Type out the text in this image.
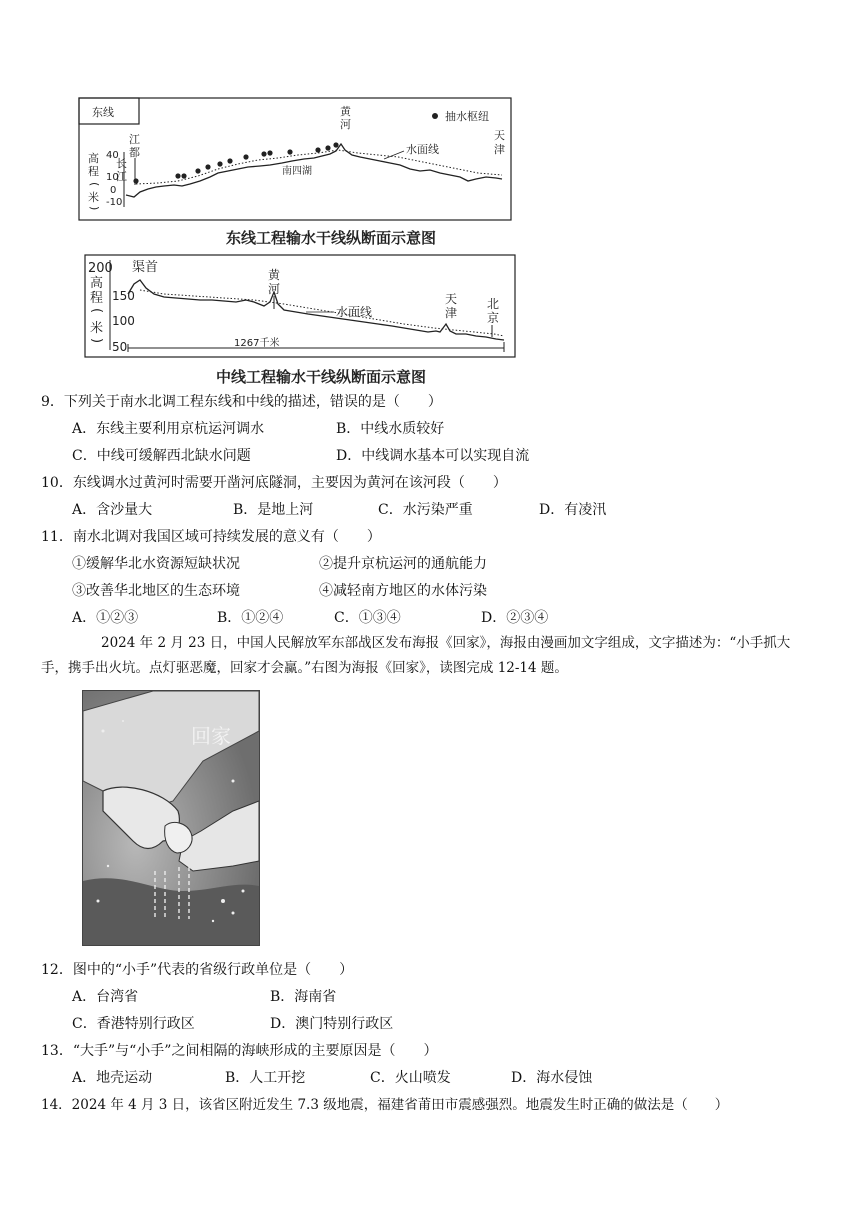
东线	抽水枢纽
高
程
(
米
)
40
10
0
-10
江
都
长
江
黄
河
天
津
水面线
南四湖
东线工程输水干线纵断面示意图
200
高
程
(
米
)
150
100
50
渠首	黄
河
水面线
天
津
北
京
1267千米
中线工程输水干线纵断面示意图
9．下列关于南水北调工程东线和中线的描述，错误的是（　　）
A．东线主要利用京杭运河调水	B．中线水质较好
C．中线可缓解西北缺水问题	D．中线调水基本可以实现自流
10．东线调水过黄河时需要开凿河底隧洞，主要因为黄河在该河段（　　）
A．含沙量大	B．是地上河	C．水污染严重	D．有凌汛
11．南水北调对我国区域可持续发展的意义有（　　）
①缓解华北水资源短缺状况	②提升京杭运河的通航能力
③改善华北地区的生态环境	④减轻南方地区的水体污染
A．①②③	B．①②④	C．①③④	D．②③④
2024 年 2 月 23 日，中国人民解放军东部战区发布海报《回家》，海报由漫画加文字组成，文字描述为：“小手抓大手，携手出火坑。点灯驱恶魔，回家才会赢。”右图为海报《回家》，读图完成 12-14 题。
回家
12．图中的“小手”代表的省级行政单位是（　　）
A．台湾省	B．海南省
C．香港特别行政区	D．澳门特别行政区
13．“大手”与“小手”之间相隔的海峡形成的主要原因是（　　）
A．地壳运动	B．人工开挖	C．火山喷发	D．海水侵蚀
14．2024 年 4 月 3 日，该省区附近发生 7.3 级地震，福建省莆田市震感强烈。地震发生时正确的做法是（　　）
